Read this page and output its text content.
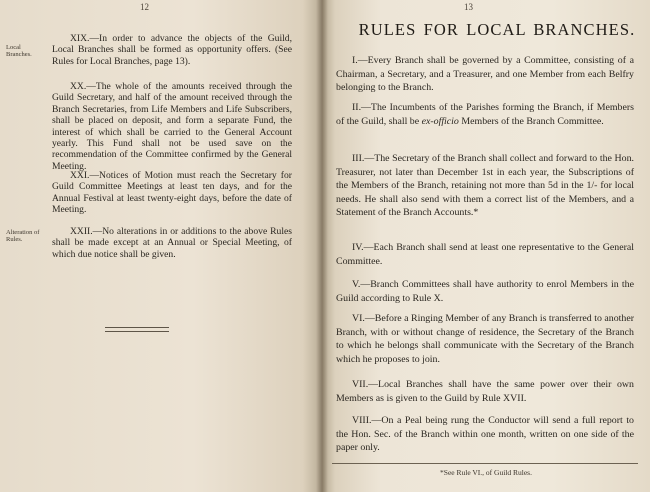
12
Local Branches.

XIX.—In order to advance the objects of the Guild, Local Branches shall be formed as opportunity offers. (See Rules for Local Branches, page 13).

XX.—The whole of the amounts received through the Guild Secretary, and half of the amount received through the Branch Secretaries, from Life Members and Life Subscribers, shall be placed on deposit, and form a separate Fund, the interest of which shall be carried to the General Account yearly. This Fund shall not be used save on the recommendation of the Committee confirmed by the General Meeting.

XXI.—Notices of Motion must reach the Secretary for Guild Committee Meetings at least ten days, and for the Annual Festival at least twenty-eight days, before the date of Meeting.

Alteration of Rules.

XXII.—No alterations in or additions to the above Rules shall be made except at an Annual or Special Meeting, of which due notice shall be given.

13
RULES FOR LOCAL BRANCHES.

I.—Every Branch shall be governed by a Committee, consisting of a Chairman, a Secretary, and a Treasurer, and one Member from each Belfry belonging to the Branch.

II.—The Incumbents of the Parishes forming the Branch, if Members of the Guild, shall be ex-officio Members of the Branch Committee.

III.—The Secretary of the Branch shall collect and forward to the Hon. Treasurer, not later than December 1st in each year, the Subscriptions of the Members of the Branch, retaining not more than 5d in the 1/- for local needs. He shall also send with them a correct list of the Members, and a Statement of the Branch Accounts.*

IV.—Each Branch shall send at least one representative to the General Committee.

V.—Branch Committees shall have authority to enrol Members in the Guild according to Rule X.

VI.—Before a Ringing Member of any Branch is transferred to another Branch, with or without change of residence, the Secretary of the Branch to which he belongs shall communicate with the Secretary of the Branch which he proposes to join.

VII.—Local Branches shall have the same power over their own Members as is given to the Guild by Rule XVII.

VIII.—On a Peal being rung the Conductor will send a full report to the Hon. Sec. of the Branch within one month, written on one side of the paper only.

*See Rule VI., of Guild Rules.
